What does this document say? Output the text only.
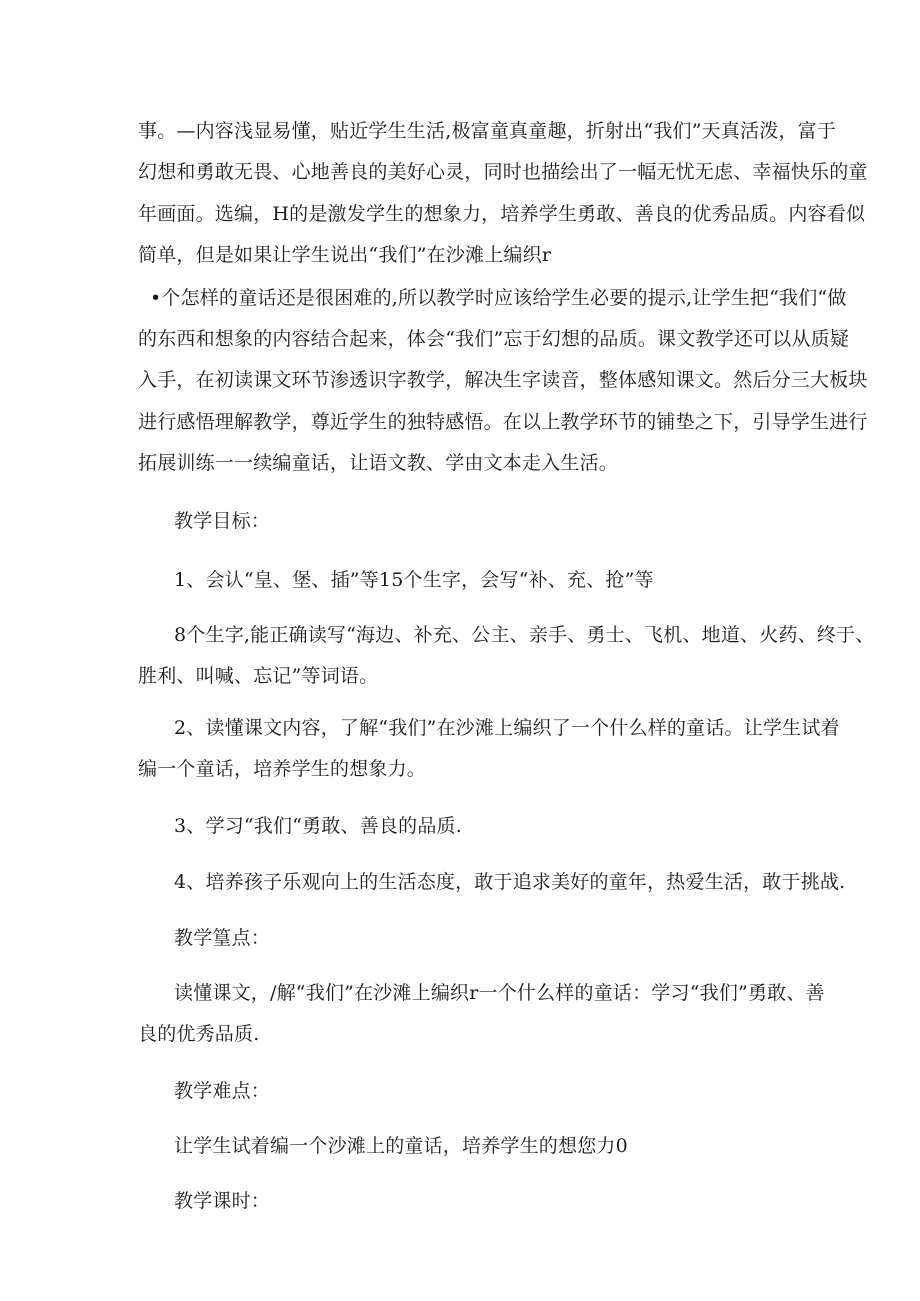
事。—内容浅显易懂，贴近学生生活,极富童真童趣，折射出“我们”天真活泼，富于
幻想和勇敢无畏、心地善良的美好心灵，同时也描绘出了一幅无忧无虑、幸福快乐的童
年画面。选编，H的是激发学生的想象力，培养学生勇敢、善良的优秀品质。内容看似
简单，但是如果让学生说出“我们”在沙滩上编织r
•个怎样的童话还是很困难的,所以教学时应该给学生必要的提示,让学生把“我们“做
的东西和想象的内容结合起来，体会“我们”忘于幻想的品质。课文教学还可以从质疑
入手，在初读课文环节渗透识字教学，解决生字读音，整体感知课文。然后分三大板块
进行感悟理解教学，尊近学生的独特感悟。在以上教学环节的铺垫之下，引导学生进行
拓展训练一一续编童话，让语文教、学由文本走入生活。
教学目标：
1、会认“皇、堡、插”等15个生字，会写“补、充、抢”等
8个生字,能正确读写“海边、补充、公主、亲手、勇士、飞机、地道、火药、终于、
胜利、叫喊、忘记”等词语。
2、读懂课文内容，了解“我们”在沙滩上编织了一个什么样的童话。让学生试着
编一个童话，培养学生的想象力。
3、学习“我们“勇敢、善良的品质.
4、培养孩子乐观向上的生活态度，敢于追求美好的童年，热爱生活，敢于挑战.
教学篁点：
读懂课文，/解“我们”在沙滩上编织r一个什么样的童话：学习“我们”勇敢、善
良的优秀品质.
教学难点：
让学生试着编一个沙滩上的童话，培养学生的想您力0
教学课时：
